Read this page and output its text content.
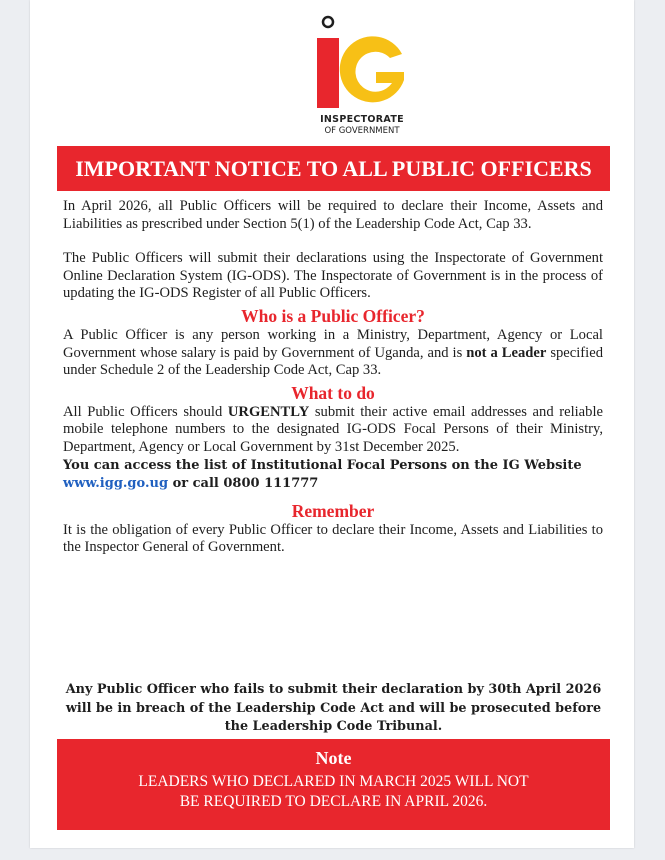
INSPECTORATE
OF GOVERNMENT
IMPORTANT NOTICE TO ALL PUBLIC OFFICERS

In April 2026, all Public Officers will be required to declare their Income, Assets and Liabilities as prescribed under Section 5(1) of the Leadership Code Act, Cap 33.

The Public Officers will submit their declarations using the Inspectorate of Government Online Declaration System (IG-ODS). The Inspectorate of Government is in the process of updating the IG-ODS Register of all Public Officers.

Who is a Public Officer?

A Public Officer is any person working in a Ministry, Department, Agency or Local Government whose salary is paid by Government of Uganda, and is not a Leader specified under Schedule 2 of the Leadership Code Act, Cap 33.

What to do

All Public Officers should URGENTLY submit their active email addresses and reliable mobile telephone numbers to the designated IG-ODS Focal Persons of their Ministry, Department, Agency or Local Government by 31st December 2025.

You can access the list of Institutional Focal Persons on the IG Website www.igg.go.ug or call 0800 111777

Remember

It is the obligation of every Public Officer to declare their Income, Assets and Liabilities to the Inspector General of Government.

Any Public Officer who fails to submit their declaration by 30th April 2026 will be in breach of the Leadership Code Act and will be prosecuted before the Leadership Code Tribunal.
Note
LEADERS WHO DECLARED IN MARCH 2025 WILL NOT BE REQUIRED TO DECLARE IN APRIL 2026.
